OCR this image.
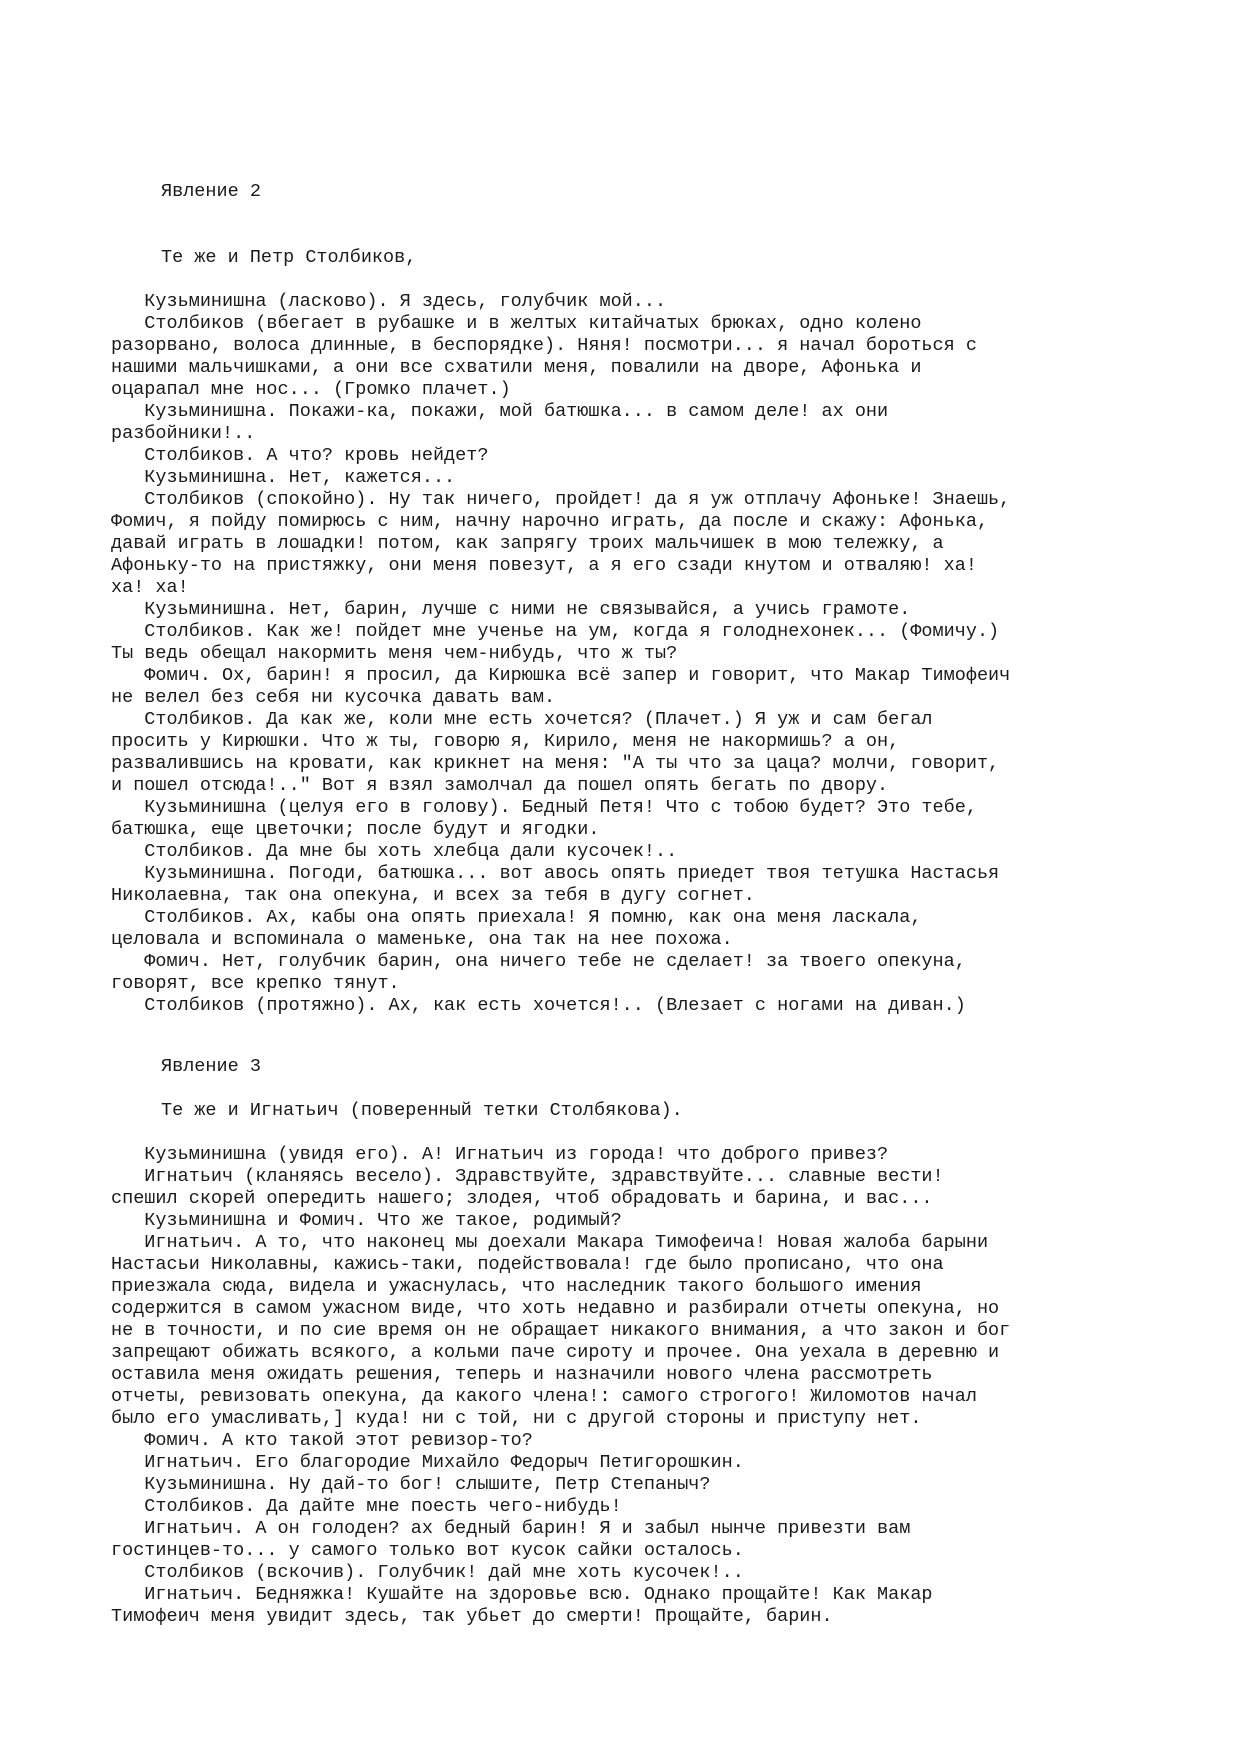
Явление 2
Те же и Петр Столбиков,
Кузьминишна (ласково). Я здесь, голубчик мой...
Столбиков (вбегает в рубашке и в желтых китайчатых брюках, одно колено
разорвано, волоса длинные, в беспорядке). Няня! посмотри... я начал бороться с
нашими мальчишками, а они все схватили меня, повалили на дворе, Афонька и
оцарапал мне нос... (Громко плачет.)
Кузьминишна. Покажи-ка, покажи, мой батюшка... в самом деле! ах они
разбойники!..
Столбиков. А что? кровь нейдет?
Кузьминишна. Нет, кажется...
Столбиков (спокойно). Ну так ничего, пройдет! да я уж отплачу Афоньке! Знаешь,
Фомич, я пойду помирюсь с ним, начну нарочно играть, да после и скажу: Афонька,
давай играть в лошадки! потом, как запрягу троих мальчишек в мою тележку, а
Афоньку-то на пристяжку, они меня повезут, а я его сзади кнутом и отваляю! ха!
ха! ха!
Кузьминишна. Нет, барин, лучше с ними не связывайся, а учись грамоте.
Столбиков. Как же! пойдет мне ученье на ум, когда я голоднехонек... (Фомичу.)
Ты ведь обещал накормить меня чем-нибудь, что ж ты?
Фомич. Ох, барин! я просил, да Кирюшка всё запер и говорит, что Макар Тимофеич
не велел без себя ни кусочка давать вам.
Столбиков. Да как же, коли мне есть хочется? (Плачет.) Я уж и сам бегал
просить у Кирюшки. Что ж ты, говорю я, Кирило, меня не накормишь? а он,
развалившись на кровати, как крикнет на меня: "А ты что за цаца? молчи, говорит,
и пошел отсюда!.." Вот я взял замолчал да пошел опять бегать по двору.
Кузьминишна (целуя его в голову). Бедный Петя! Что с тобою будет? Это тебе,
батюшка, еще цветочки; после будут и ягодки.
Столбиков. Да мне бы хоть хлебца дали кусочек!..
Кузьминишна. Погоди, батюшка... вот авось опять приедет твоя тетушка Настасья
Николаевна, так она опекуна, и всех за тебя в дугу согнет.
Столбиков. Ах, кабы она опять приехала! Я помню, как она меня ласкала,
целовала и вспоминала о маменьке, она так на нее похожа.
Фомич. Нет, голубчик барин, она ничего тебе не сделает! за твоего опекуна,
говорят, все крепко тянут.
Столбиков (протяжно). Ах, как есть хочется!.. (Влезает с ногами на диван.)
Явление 3
Те же и Игнатьич (поверенный тетки Столбякова).
Кузьминишна (увидя его). А! Игнатьич из города! что доброго привез?
Игнатьич (кланяясь весело). Здравствуйте, здравствуйте... славные вести!
спешил скорей опередить нашего; злодея, чтоб обрадовать и барина, и вас...
Кузьминишна и Фомич. Что же такое, родимый?
Игнатьич. А то, что наконец мы доехали Макара Тимофеича! Новая жалоба барыни
Настасьи Николавны, кажись-таки, подействовала! где было прописано, что она
приезжала сюда, видела и ужаснулась, что наследник такого большого имения
содержится в самом ужасном виде, что хоть недавно и разбирали отчеты опекуна, но
не в точности, и по сие время он не обращает никакого внимания, а что закон и бог
запрещают обижать всякого, а кольми паче сироту и прочее. Она уехала в деревню и
оставила меня ожидать решения, теперь и назначили нового члена рассмотреть
отчеты, ревизовать опекуна, да какого члена!: самого строгого! Жиломотов начал
было его умасливать,] куда! ни с той, ни с другой стороны и приступу нет.
Фомич. А кто такой этот ревизор-то?
Игнатьич. Его благородие Михайло Федорыч Петигорошкин.
Кузьминишна. Ну дай-то бог! слышите, Петр Степаныч?
Столбиков. Да дайте мне поесть чего-нибудь!
Игнатьич. А он голоден? ах бедный барин! Я и забыл нынче привезти вам
гостинцев-то... у самого только вот кусок сайки осталось.
Столбиков (вскочив). Голубчик! дай мне хоть кусочек!..
Игнатьич. Бедняжка! Кушайте на здоровье всю. Однако прощайте! Как Макар
Тимофеич меня увидит здесь, так убьет до смерти! Прощайте, барин.
